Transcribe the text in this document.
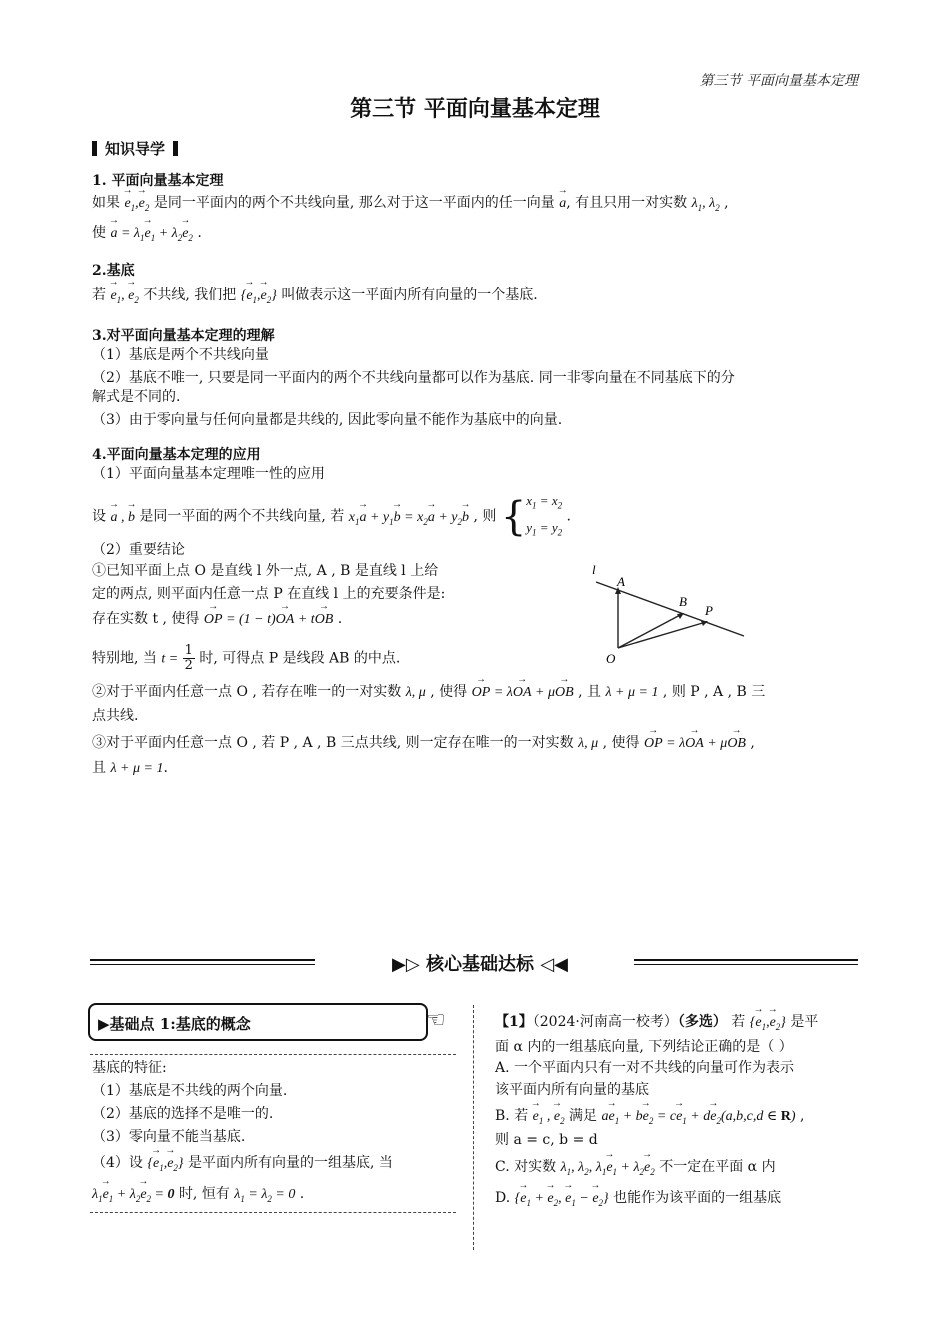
第三节 平面向量基本定理
第三节 平面向量基本定理
知识导学
1. 平面向量基本定理
如果 → $e_1,\to e_2$ 是同一平面内的两个不共线向量, 那么对于这一平面内的任一向量 → a, 有且只用一对实数 $\lambda_1$, $\lambda_2$ ,
使 → $a = \lambda_1\to e_1 + \lambda_2\to e_2$ .
2.基底
若 → $e_1$, → $e_2$ 不共线, 我们把 {→ $e_1,\to e_2$} 叫做表示这一平面内所有向量的一个基底.
3.对平面向量基本定理的理解
（1）基底是两个不共线向量
（2）基底不唯一, 只要是同一平面内的两个不共线向量都可以作为基底. 同一非零向量在不同基底下的分
解式是不同的.
（3）由于零向量与任何向量都是共线的, 因此零向量不能作为基底中的向量.
4.平面向量基本定理的应用
（1）平面向量基本定理唯一性的应用
设 → a , → b 是同一平面的两个不共线向量, 若 $x_1\to a + y_1\to b = x_2\to a + y_2\to b$ , 则 {$x_1 = x_2$
$y_1 = y_2$ .
（2）重要结论
①已知平面上点 O 是直线 l 外一点, A , B 是直线 l 上给
定的两点, 则平面内任意一点 P 在直线 l 上的充要条件是:
存在实数 t , 使得 → OP = (1 − t)→ OA + t→ OB .
特别地, 当 $t = \frac{1}{2}$ 时, 可得点 P 是线段 AB 的中点.
l
A
B
P
O
②对于平面内任意一点 O , 若存在唯一的一对实数 λ, μ , 使得 → OP = λ→ OA + μ→ OB , 且 λ + μ = 1 , 则 P , A , B 三
点共线.
③对于平面内任意一点 O , 若 P , A , B 三点共线, 则一定存在唯一的一对实数 λ, μ , 使得 → OP = λ→ OA + μ→ OB ,
且 λ + μ = 1.
▶▷ 核心基础达标 ◁◀
▶基础点 1:基底的概念	☜
基底的特征:
（1）基底是不共线的两个向量.
（2）基底的选择不是唯一的.
（3）零向量不能当基底.
（4）设 {→ $e_1,\to e_2$} 是平面内所有向量的一组基底, 当
$\lambda_1\to e_1 + \lambda_2\to e_2 = 0$ 时, 恒有 $\lambda_1 = \lambda_2 = 0$ .
【1】（2024·河南高一校考）（多选） 若 {→ $e_1,\to e_2$} 是平
面 α 内的一组基底向量, 下列结论正确的是（ ）
A. 一个平面内只有一对不共线的向量可作为表示
该平面内所有向量的基底
B. 若 → $e_1$ , → $e_2$ 满足 $a\to e_1 + b\to e_2 = c\to e_1 + d\to e_2(a,b,c,d$ ∈ R) ,
则 a = c, b = d
C. 对实数 $\lambda_1$, $\lambda_2$, $\lambda_1\to e_1 + \lambda_2\to e_2$ 不一定在平面 α 内
D. {→ $e_1$ + → $e_2$, → $e_1$ − → $e_2$} 也能作为该平面的一组基底
